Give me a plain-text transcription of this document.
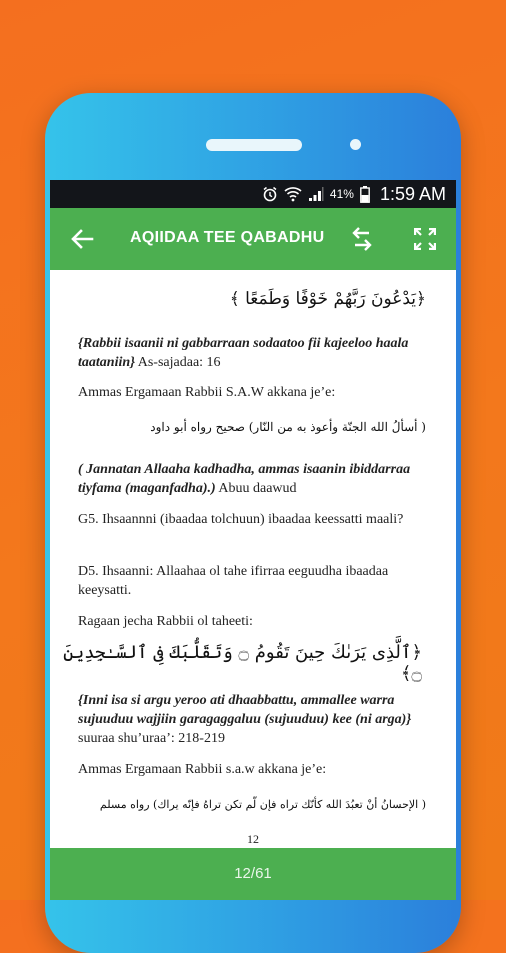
41% 1:59 AM
AQIIDAA TEE QABADHU
﴿يَدْعُونَ رَبَّهُمْ خَوْفًا وَطَمَعًا ﴾
{Rabbii isaanii ni gabbarraan sodaatoo fii kajeeloo haala taataniin} As-sajadaa: 16
Ammas Ergamaan Rabbii S.A.W akkana je’e:
( أسألُ الله الجنّة وأعوذ به من النّار) صحيح رواه أبو داود
( Jannatan Allaaha kadhadha, ammas isaanin ibiddarraa tiyfama (maganfadha).) Abuu daawud
G5. Ihsaannni (ibaadaa tolchuun) ibaadaa keessatti maali?
D5. Ihsaanni: Allaahaa ol tahe ifirraa eeguudha ibaadaa keeysatti.
Ragaan jecha Rabbii ol taheeti:
﴿ٱلَّذِى يَرَىٰكَ حِينَ تَقُومُ ۝ وَتَقَلُّبَكَ فِى ٱلسَّـٰجِدِينَ ۝﴾
{Inni isa si argu yeroo ati dhaabbattu, ammallee warra sujuuduu wajjiin garagaggaluu (sujuuduu) kee (ni arga)} suuraa shu’uraa’: 218-219
Ammas Ergamaan Rabbii s.a.w akkana je’e:
( الإحسانُ أنْ تعبُدَ الله كأنّك تراه فإن لّم تكن تراهُ فإنّه يراك) رواه مسلم
12
12/61
